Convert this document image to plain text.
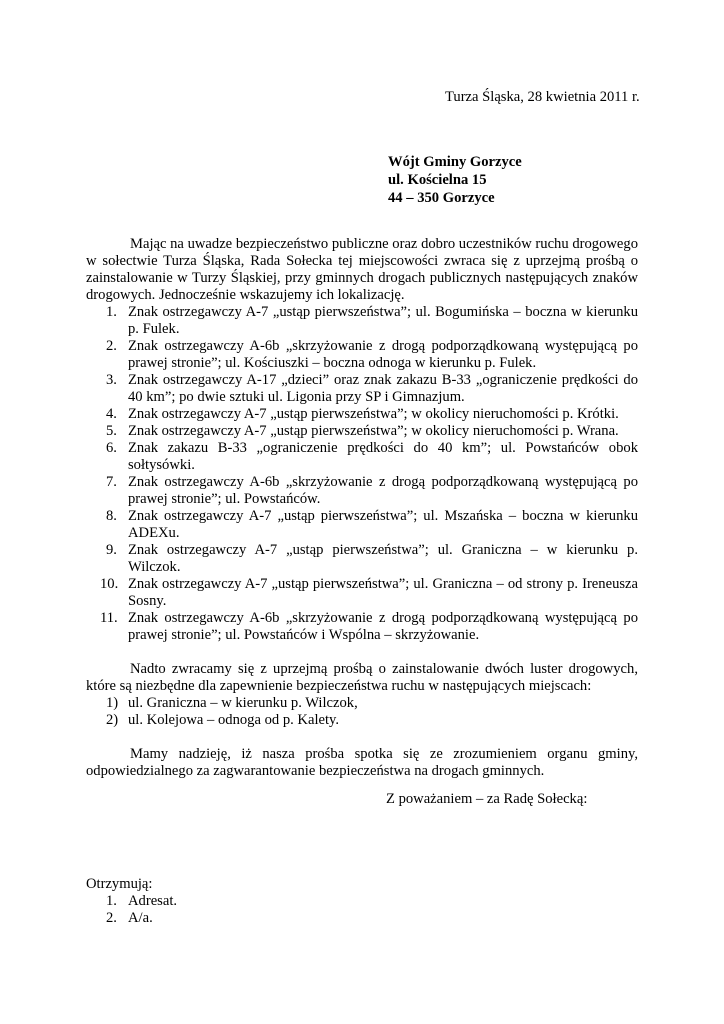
Turza Śląska, 28 kwietnia 2011 r.
Wójt Gminy Gorzyce
ul. Kościelna 15
44 – 350 Gorzyce
Mając na uwadze bezpieczeństwo publiczne oraz dobro uczestników ruchu drogowego w sołectwie Turza Śląska, Rada Sołecka tej miejscowości zwraca się z uprzejmą prośbą o zainstalowanie w Turzy Śląskiej, przy gminnych drogach publicznych następujących znaków drogowych. Jednocześnie wskazujemy ich lokalizację.
1. Znak ostrzegawczy A-7 „ustąp pierwszeństwa”; ul. Bogumińska – boczna w kierunku p. Fulek.
2. Znak ostrzegawczy A-6b „skrzyżowanie z drogą podporządkowaną występującą po prawej stronie”; ul. Kościuszki – boczna odnoga w kierunku p. Fulek.
3. Znak ostrzegawczy A-17 „dzieci” oraz znak zakazu B-33 „ograniczenie prędkości do 40 km”; po dwie sztuki ul. Ligonia przy SP i Gimnazjum.
4. Znak ostrzegawczy A-7 „ustąp pierwszeństwa”; w okolicy nieruchomości p. Krótki.
5. Znak ostrzegawczy A-7 „ustąp pierwszeństwa”; w okolicy nieruchomości p. Wrana.
6. Znak zakazu B-33 „ograniczenie prędkości do 40 km”; ul. Powstańców obok sołtysówki.
7. Znak ostrzegawczy A-6b „skrzyżowanie z drogą podporządkowaną występującą po prawej stronie”; ul. Powstańców.
8. Znak ostrzegawczy A-7 „ustąp pierwszeństwa”; ul. Mszańska – boczna w kierunku ADEXu.
9. Znak ostrzegawczy A-7 „ustąp pierwszeństwa”; ul. Graniczna – w kierunku p. Wilczok.
10. Znak ostrzegawczy A-7 „ustąp pierwszeństwa”; ul. Graniczna – od strony p. Ireneusza Sosny.
11. Znak ostrzegawczy A-6b „skrzyżowanie z drogą podporządkowaną występującą po prawej stronie”; ul. Powstańców i Wspólna – skrzyżowanie.
Nadto zwracamy się z uprzejmą prośbą o zainstalowanie dwóch luster drogowych, które są niezbędne dla zapewnienie bezpieczeństwa ruchu w następujących miejscach:
1) ul. Graniczna – w kierunku p. Wilczok,
2) ul. Kolejowa – odnoga od p. Kalety.
Mamy nadzieję, iż nasza prośba spotka się ze zrozumieniem organu gminy, odpowiedzialnego za zagwarantowanie bezpieczeństwa na drogach gminnych.
Z poważaniem – za Radę Sołecką:
Otrzymują:
1. Adresat.
2. A/a.
